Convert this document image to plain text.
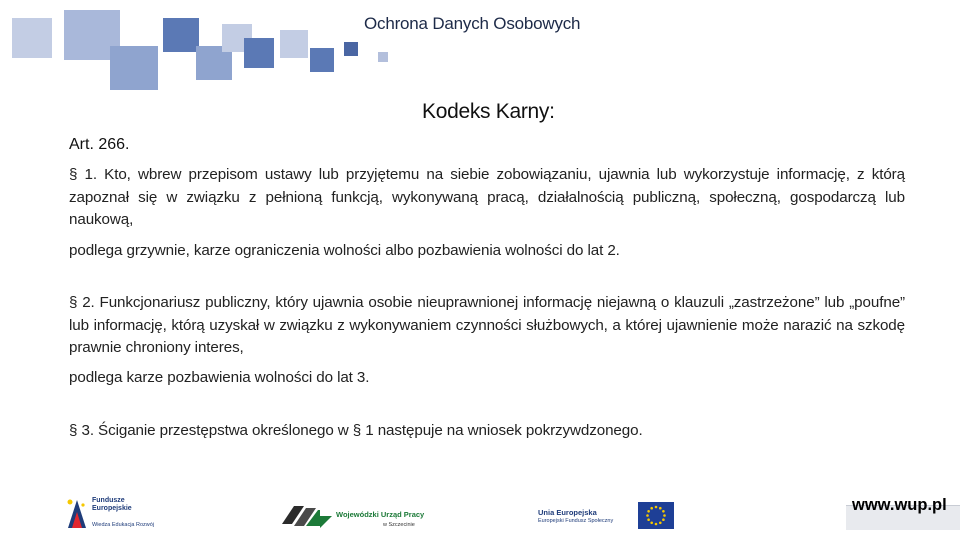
Ochrona Danych Osobowych
Kodeks Karny:
Art. 266.
§ 1. Kto, wbrew przepisom ustawy lub przyjętemu na siebie zobowiązaniu, ujawnia lub wykorzystuje informację, z którą zapoznał się w związku z pełnioną funkcją, wykonywaną pracą, działalnością publiczną, społeczną, gospodarczą lub naukową,
podlega grzywnie, karze ograniczenia wolności albo pozbawienia wolności do lat 2.
§ 2. Funkcjonariusz publiczny, który ujawnia osobie nieuprawnionej informację niejawną o klauzuli „zastrzeżone” lub „poufne” lub informację, którą uzyskał w związku z wykonywaniem czynności służbowych, a której ujawnienie może narazić na szkodę prawnie chroniony interes,
podlega karze pozbawienia wolności do lat 3.
§ 3. Ściganie przestępstwa określonego w § 1 następuje na wniosek pokrzywdzonego.
Fundusze Europejskie
Wiedza Edukacja Rozwój
Wojewódzki Urząd Pracy
w Szczecinie
Unia Europejska
Europejski Fundusz Społeczny
www.wup.pl
